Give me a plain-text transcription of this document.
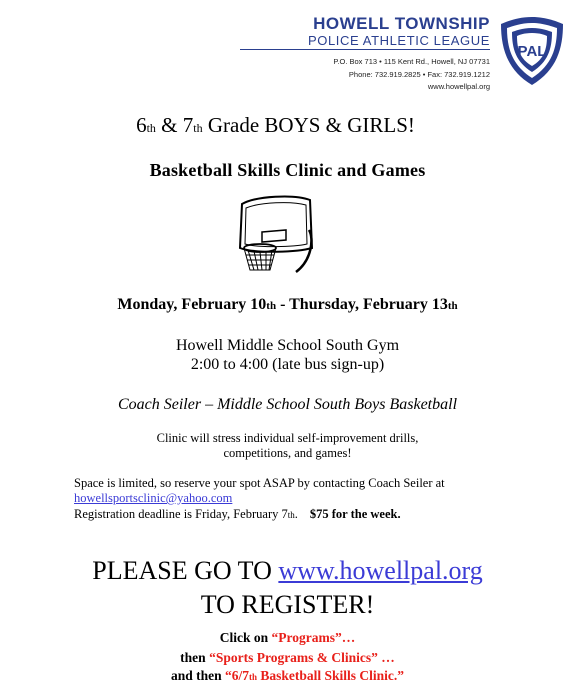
HOWELL TOWNSHIP
POLICE ATHLETIC LEAGUE
P.O. Box 713 • 115 Kent Rd., Howell, NJ 07731
Phone: 732.919.2825 • Fax: 732.919.1212
www.howellpal.org
PAL
6th & 7th Grade BOYS & GIRLS!
Basketball Skills Clinic and Games
Monday, February 10th - Thursday, February 13th
Howell Middle School South Gym
2:00 to 4:00 (late bus sign-up)
Coach Seiler – Middle School South Boys Basketball
Clinic will stress individual self-improvement drills,
competitions, and games!
Space is limited, so reserve your spot ASAP by contacting Coach Seiler at
howellsportsclinic@yahoo.com
Registration deadline is Friday, February 7th. $75 for the week.
PLEASE GO TO www.howellpal.org
TO REGISTER!
Click on “Programs”…
then “Sports Programs & Clinics” …
and then “6/7th Basketball Skills Clinic.”
